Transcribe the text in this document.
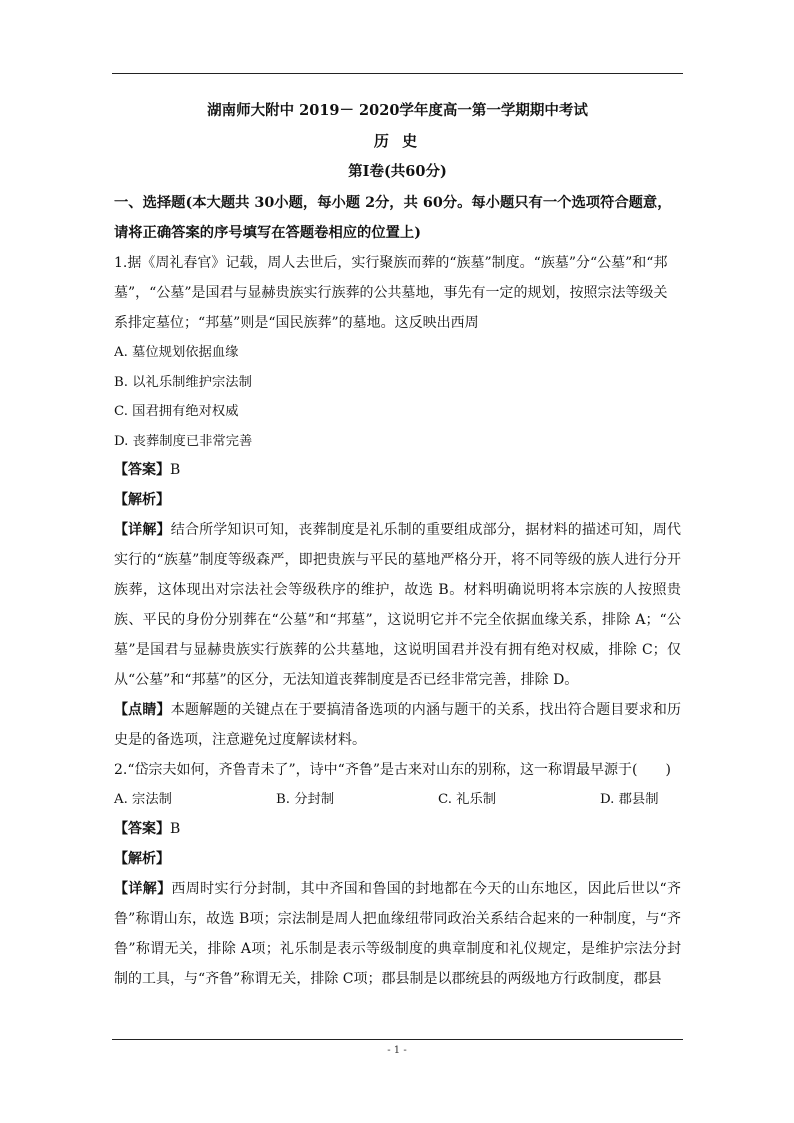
湖南师大附中 2019－ 2020学年度高一第一学期期中考试
历 史
第Ⅰ卷(共60分)

一、选择题(本大题共 30小题，每小题 2分，共 60分。每小题只有一个选项符合题意，请将正确答案的序号填写在答题卷相应的位置上)

1.据《周礼春官》记载，周人去世后，实行聚族而葬的“族墓”制度。“族墓”分“公墓”和“邦墓”，“公墓”是国君与显赫贵族实行族葬的公共墓地，事先有一定的规划，按照宗法等级关系排定墓位；“邦墓”则是“国民族葬”的墓地。这反映出西周

A. 墓位规划依据血缘
B. 以礼乐制维护宗法制
C. 国君拥有绝对权威
D. 丧葬制度已非常完善
【答案】B
【解析】

【详解】结合所学知识可知，丧葬制度是礼乐制的重要组成部分，据材料的描述可知，周代实行的“族墓”制度等级森严，即把贵族与平民的墓地严格分开，将不同等级的族人进行分开族葬，这体现出对宗法社会等级秩序的维护，故选 B。材料明确说明将本宗族的人按照贵族、平民的身份分别葬在“公墓”和“邦墓”，这说明它并不完全依据血缘关系，排除 A；“公墓”是国君与显赫贵族实行族葬的公共墓地，这说明国君并没有拥有绝对权威，排除 C；仅从“公墓”和“邦墓”的区分，无法知道丧葬制度是否已经非常完善，排除 D。

【点睛】本题解题的关键点在于要搞清备选项的内涵与题干的关系，找出符合题目要求和历史是的备选项，注意避免过度解读材料。

2.“岱宗夫如何，齐鲁青未了”，诗中“齐鲁”是古来对山东的别称，这一称谓最早源于(　　)

A. 宗法制	B. 分封制	C. 礼乐制	D. 郡县制
【答案】B
【解析】

【详解】西周时实行分封制，其中齐国和鲁国的封地都在今天的山东地区，因此后世以“齐鲁”称谓山东，故选 B项；宗法制是周人把血缘纽带同政治关系结合起来的一种制度，与“齐鲁”称谓无关，排除 A项；礼乐制是表示等级制度的典章制度和礼仪规定，是维护宗法分封制的工具，与“齐鲁”称谓无关，排除 C项；郡县制是以郡统县的两级地方行政制度，郡县

- 1 -
